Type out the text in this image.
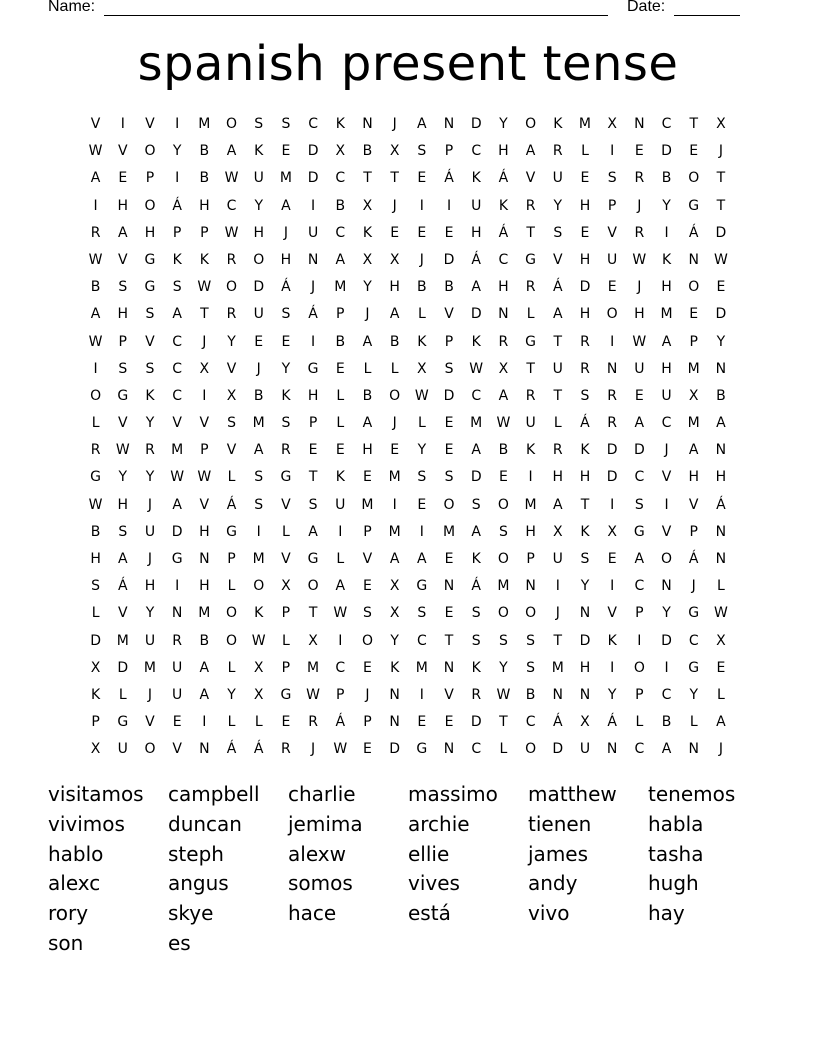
Name:	Date:
spanish present tense
V	I	V	I	M	O	S	S	C	K	N	J	A	N	D	Y	O	K	M	X	N	C	T	X
W	V	O	Y	B	A	K	E	D	X	B	X	S	P	C	H	A	R	L	I	E	D	E	J
A	E	P	I	B	W	U	M	D	C	T	T	E	Á	K	Á	V	U	E	S	R	B	O	T
I	H	O	Á	H	C	Y	A	I	B	X	J	I	I	U	K	R	Y	H	P	J	Y	G	T
R	A	H	P	P	W	H	J	U	C	K	E	E	E	H	Á	T	S	E	V	R	I	Á	D
W	V	G	K	K	R	O	H	N	A	X	X	J	D	Á	C	G	V	H	U	W	K	N	W
B	S	G	S	W	O	D	Á	J	M	Y	H	B	B	A	H	R	Á	D	E	J	H	O	E
A	H	S	A	T	R	U	S	Á	P	J	A	L	V	D	N	L	A	H	O	H	M	E	D
W	P	V	C	J	Y	E	E	I	B	A	B	K	P	K	R	G	T	R	I	W	A	P	Y
I	S	S	C	X	V	J	Y	G	E	L	L	X	S	W	X	T	U	R	N	U	H	M	N
O	G	K	C	I	X	B	K	H	L	B	O	W	D	C	A	R	T	S	R	E	U	X	B
L	V	Y	V	V	S	M	S	P	L	A	J	L	E	M	W	U	L	Á	R	A	C	M	A
R	W	R	M	P	V	A	R	E	E	H	E	Y	E	A	B	K	R	K	D	D	J	A	N
G	Y	Y	W W	L	S	G	T	K	E	M	S	S	D	E	I	H	H	D	C	V	H	H
W	H	J	A	V	Á	S	V	S	U	M	I	E	O	S	O	M	A	T	I	S	I	V	Á
B	S	U	D	H	G	I	L	A	I	P	M	I	M	A	S	H	X	K	X	G	V	P	N
H	A	J	G	N	P	M	V	G	L	V	A	A	E	K	O	P	U	S	E	A	O	Á	N
S	Á	H	I	H	L	O	X	O	A	E	X	G	N	Á	M	N	I	Y	I	C	N	J	L
L	V	Y	N	M	O	K	P	T	W	S	X	S	E	S	O	O	J	N	V	P	Y	G	W
D	M	U	R	B	O	W	L	X	I	O	Y	C	T	S	S	S	T	D	K	I	D	C	X
X	D	M	U	A	L	X	P	M	C	E	K	M	N	K	Y	S	M	H	I	O	I	G	E
K	L	J	U	A	Y	X	G	W	P	J	N	I	V	R	W	B	N	N	Y	P	C	Y	L
P	G	V	E	I	L	L	E	R	Á	P	N	E	E	D	T	C	Á	X	Á	L	B	L	A
X	U	O	V	N	Á	Á	R	J	W	E	D	G	N	C	L	O	D	U	N	C	A	N	J
visitamos	campbell	charlie	massimo	matthew	tenemos
vivimos	duncan	jemima	archie	tienen	habla
hablo	steph	alexw	ellie	james	tasha
alexc	angus	somos	vives	andy	hugh
rory	skye	hace	está	vivo	hay
son	es
